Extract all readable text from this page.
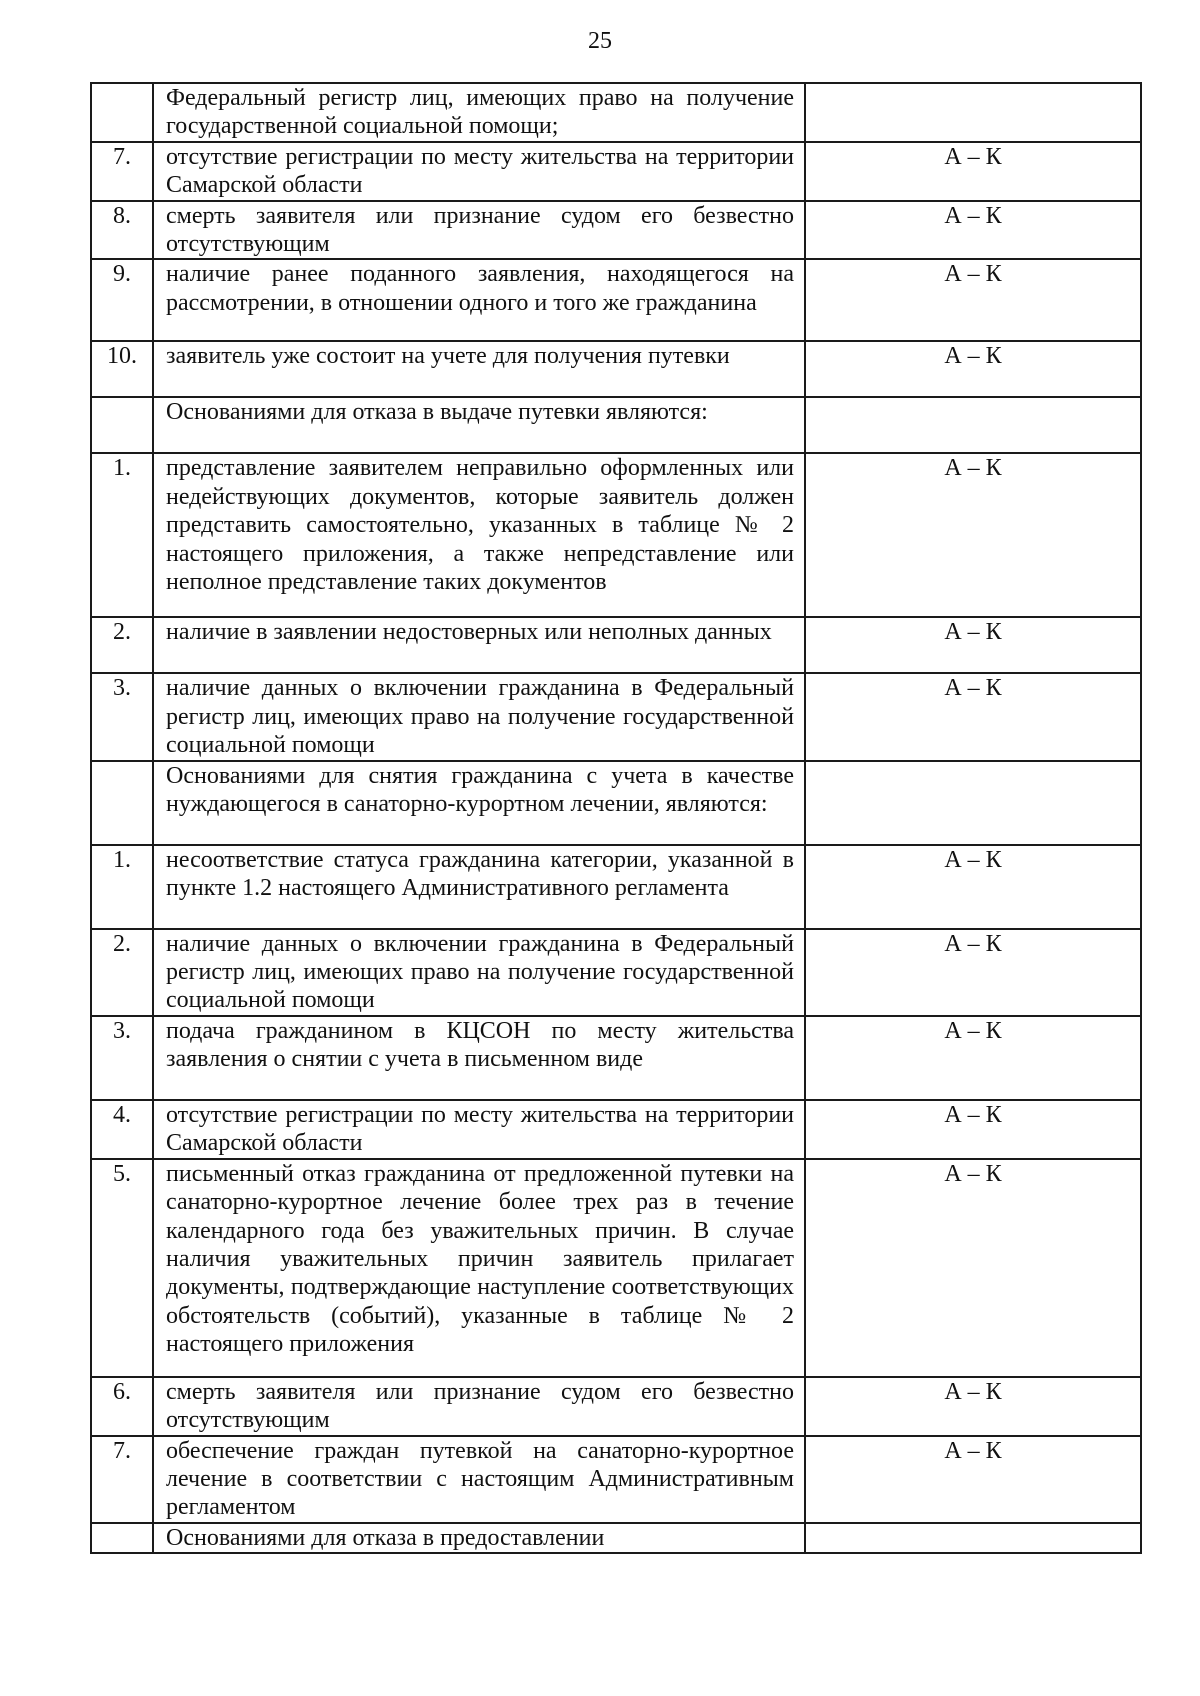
25
	Федеральный регистр лиц, имеющих право на получение государственной социальной помощи;	
7.	отсутствие регистрации по месту жительства на территории Самарской области	А – К
8.	смерть заявителя или признание судом его безвестно отсутствующим	А – К
9.	наличие ранее поданного заявления, находящегося на рассмотрении, в отношении одного и того же гражданина	А – К
10.	заявитель уже состоит на учете для получения путевки	А – К
	Основаниями для отказа в выдаче путевки являются:	
1.	представление заявителем неправильно оформленных или недействующих документов, которые заявитель должен представить самостоятельно, указанных в таблице № 2 настоящего приложения, а также непредставление или неполное представление таких документов	А – К
2.	наличие в заявлении недостоверных или неполных данных	А – К
3.	наличие данных о включении гражданина в Федеральный регистр лиц, имеющих право на получение государственной социальной помощи	А – К
	Основаниями для снятия гражданина с учета в качестве нуждающегося в санаторно-курортном лечении, являются:	
1.	несоответствие статуса гражданина категории, указанной в пункте 1.2 настоящего Административного регламента	А – К
2.	наличие данных о включении гражданина в Федеральный регистр лиц, имеющих право на получение государственной социальной помощи	А – К
3.	подача гражданином в КЦСОН по месту жительства заявления о снятии с учета в письменном виде	А – К
4.	отсутствие регистрации по месту жительства на территории Самарской области	А – К
5.	письменный отказ гражданина от предложенной путевки на санаторно-курортное лечение более трех раз в течение календарного года без уважительных причин. В случае наличия уважительных причин заявитель прилагает документы, подтверждающие наступление соответствующих обстоятельств (событий), указанные в таблице № 2 настоящего приложения	А – К
6.	смерть заявителя или признание судом его безвестно отсутствующим	А – К
7.	обеспечение граждан путевкой на санаторно-курортное лечение в соответствии с настоящим Административным регламентом	А – К
	Основаниями для отказа в предоставлении	
